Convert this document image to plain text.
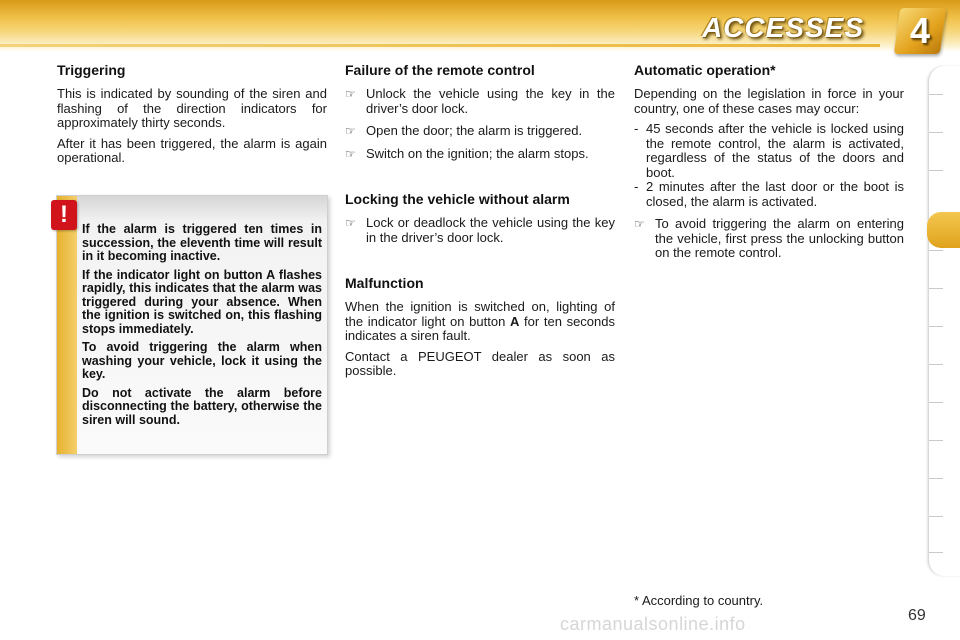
ACCESSES	4
Triggering

This is indicated by sounding of the siren and flashing of the direction indicators for approximately thirty seconds.

After it has been triggered, the alarm is again operational.

!

If the alarm is triggered ten times in succession, the eleventh time will result in it becoming inactive.

If the indicator light on button A flashes rapidly, this indicates that the alarm was triggered during your absence. When the ignition is switched on, this flashing stops immediately.

To avoid triggering the alarm when washing your vehicle, lock it using the key.

Do not activate the alarm before disconnecting the battery, otherwise the siren will sound.

Failure of the remote control
☞ Unlock the vehicle using the key in the driver’s door lock.
☞ Open the door; the alarm is triggered.
☞ Switch on the ignition; the alarm stops.
Locking the vehicle without alarm
☞ Lock or deadlock the vehicle using the key in the driver’s door lock.
Malfunction

When the ignition is switched on, lighting of the indicator light on button A for ten seconds indicates a siren fault.

Contact a PEUGEOT dealer as soon as possible.

Automatic operation*

Depending on the legislation in force in your country, one of these cases may occur:

- 45 seconds after the vehicle is locked using the remote control, the alarm is activated, regardless of the status of the doors and boot.
- 2 minutes after the last door or the boot is closed, the alarm is activated.
☞ To avoid triggering the alarm on entering the vehicle, first press the unlocking button on the remote control.
* According to country.
carmanualsonline.info	69
